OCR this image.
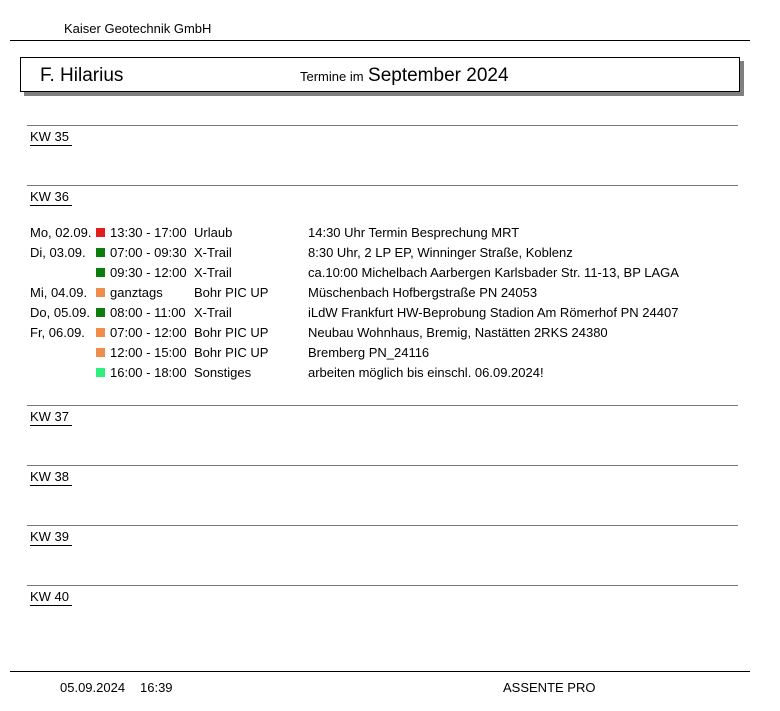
Kaiser Geotechnik GmbH
F. Hilarius	Termine im September 2024
KW 35
KW 36
KW 37
KW 38
KW 39
KW 40
Mo, 02.09. 13:30 - 17:00 Urlaub	14:30 Uhr Termin Besprechung MRT
Di, 03.09. 07:00 - 09:30 X-Trail	8:30 Uhr, 2 LP EP, Winninger Straße, Koblenz
09:30 - 12:00 X-Trail	ca.10:00 Michelbach Aarbergen Karlsbader Str. 11-13, BP LAGA
Mi, 04.09. ganztags Bohr PIC UP	Müschenbach Hofbergstraße PN 24053
Do, 05.09. 08:00 - 11:00 X-Trail	iLdW Frankfurt HW-Beprobung Stadion Am Römerhof PN 24407
Fr, 06.09. 07:00 - 12:00 Bohr PIC UP	Neubau Wohnhaus, Bremig, Nastätten 2RKS 24380
12:00 - 15:00 Bohr PIC UP	Bremberg PN_24116
16:00 - 18:00 Sonstiges	arbeiten möglich bis einschl. 06.09.2024!
05.09.2024 16:39	ASSENTE PRO
